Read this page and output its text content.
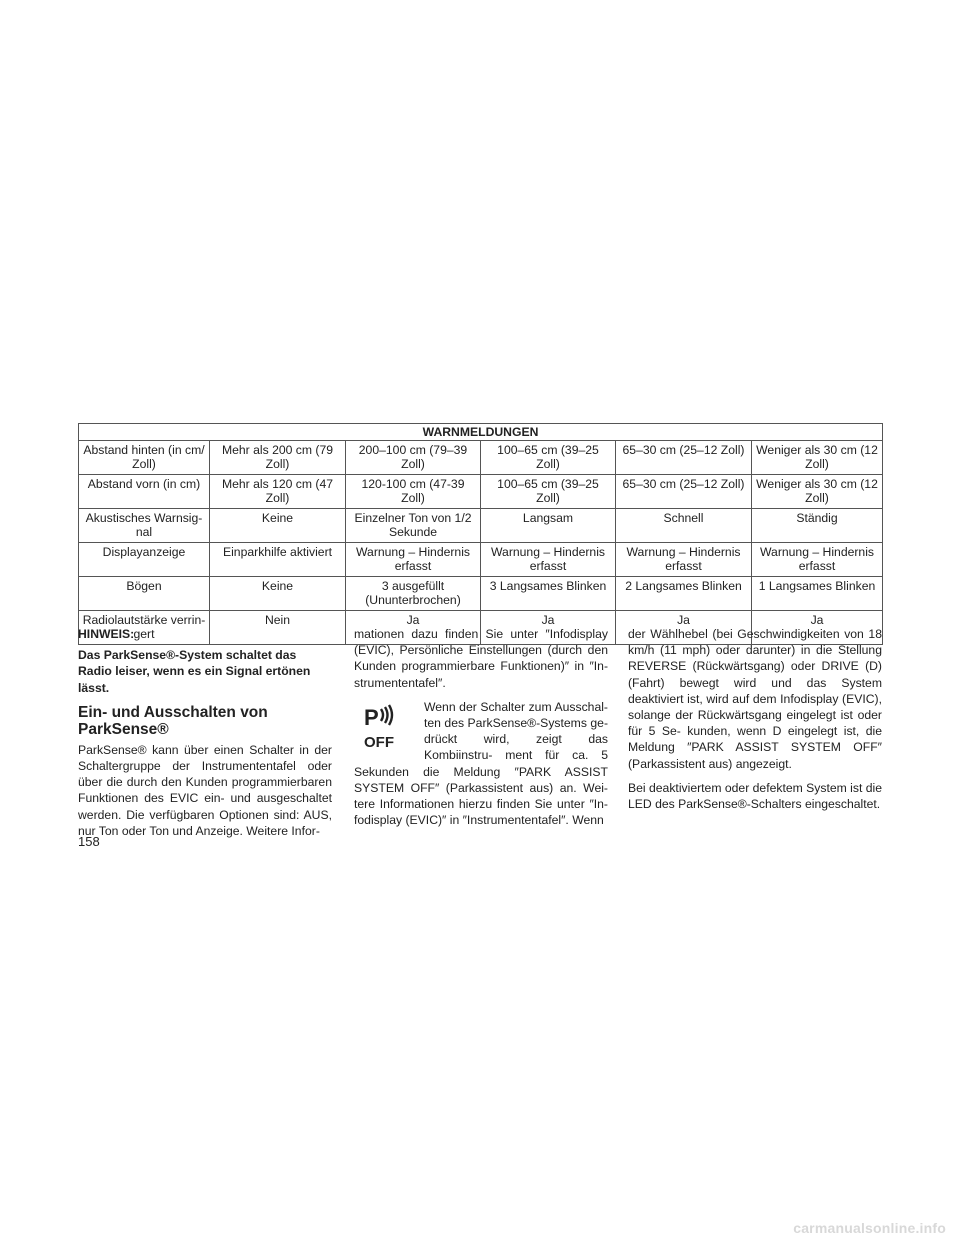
WARNMELDUNGEN					
Abstand hinten (in cm/ Zoll)	Mehr als 200 cm (79 Zoll)	200–100 cm (79–39 Zoll)	100–65 cm (39–25 Zoll)	65–30 cm (25–12 Zoll)	Weniger als 30 cm (12 Zoll)
Abstand vorn (in cm)	Mehr als 120 cm (47 Zoll)	120-100 cm (47-39 Zoll)	100–65 cm (39–25 Zoll)	65–30 cm (25–12 Zoll)	Weniger als 30 cm (12 Zoll)
Akustisches Warnsig- nal	Keine	Einzelner Ton von 1/2 Sekunde	Langsam	Schnell	Ständig
Displayanzeige	Einparkhilfe aktiviert	Warnung – Hindernis erfasst	Warnung – Hindernis erfasst	Warnung – Hindernis erfasst	Warnung – Hindernis erfasst
Bögen	Keine	3 ausgefüllt (Ununterbrochen)	3 Langsames Blinken	2 Langsames Blinken	1 Langsames Blinken
Radiolautstärke verrin- gert	Nein	Ja	Ja	Ja	Ja
HINWEIS:
Das ParkSense®-System schaltet das Radio leiser, wenn es ein Signal ertönen lässt.
Ein- und Ausschalten von ParkSense®

ParkSense® kann über einen Schalter in der Schaltergruppe der Instrumententafel oder über die durch den Kunden programmierbaren Funktionen des EVIC ein- und ausgeschaltet werden. Die verfügbaren Optionen sind: AUS, nur Ton oder Ton und Anzeige. Weitere Infor-

mationen dazu finden Sie unter ″Infodisplay (EVIC), Persönliche Einstellungen (durch den Kunden programmierbare Funktionen)″ in ″In- strumententafel″.

P
OFF

Wenn der Schalter zum Ausschal- ten des ParkSense®-Systems ge- drückt wird, zeigt das Kombiinstru- ment für ca. 5 Sekunden die Meldung ″PARK ASSIST SYSTEM OFF″ (Parkassistent aus) an. Wei- tere Informationen hierzu finden Sie unter ″In- fodisplay (EVIC)″ in ″Instrumententafel″. Wenn

der Wählhebel (bei Geschwindigkeiten von 18 km/h (11 mph) oder darunter) in die Stellung REVERSE (Rückwärtsgang) oder DRIVE (D) (Fahrt) bewegt wird und das System deaktiviert ist, wird auf dem Infodisplay (EVIC), solange der Rückwärtsgang eingelegt ist oder für 5 Se- kunden, wenn D eingelegt ist, die Meldung ″PARK ASSIST SYSTEM OFF″ (Parkassistent aus) angezeigt.

Bei deaktiviertem oder defektem System ist die LED des ParkSense®-Schalters eingeschaltet.

158
carmanualsonline.info
